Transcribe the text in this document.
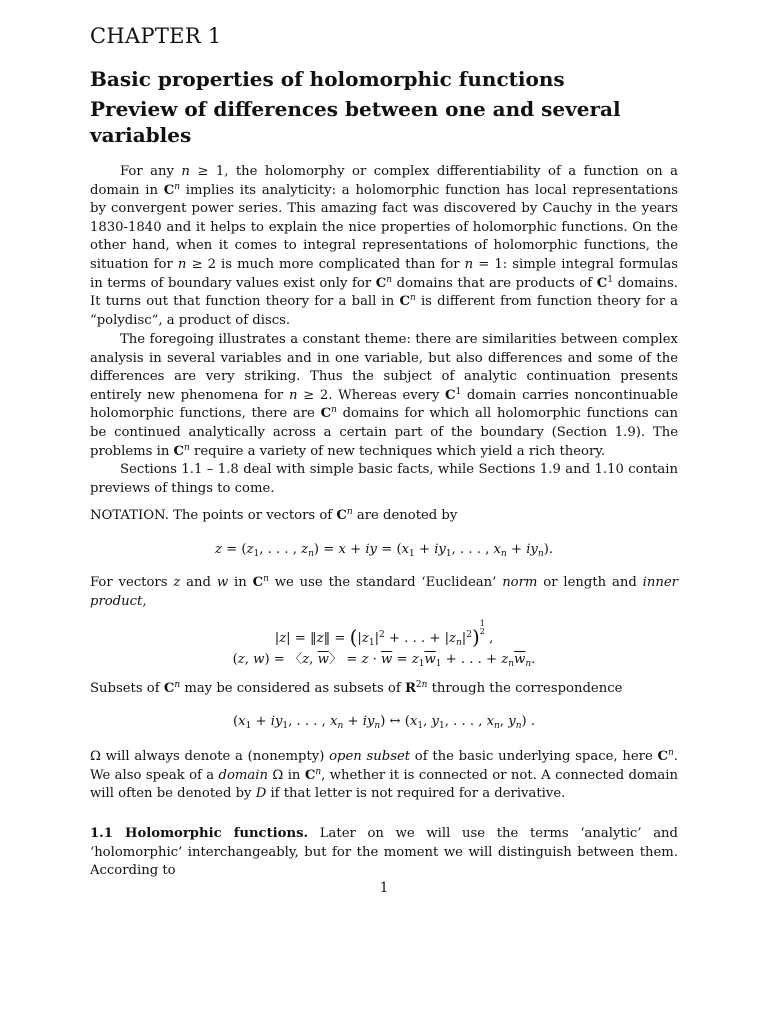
CHAPTER 1
Basic properties of holomorphic functions
Preview of differences between one and several
variables
For any n ≥ 1, the holomorphy or complex differentiability of a function on a domain in $C^n$ implies its analyticity: a holomorphic function has local representations by convergent power series. This amazing fact was discovered by Cauchy in the years 1830-1840 and it helps to explain the nice properties of holomorphic functions. On the other hand, when it comes to integral representations of holomorphic functions, the situation for n ≥ 2 is much more complicated than for n = 1: simple integral formulas in terms of boundary values exist only for $C^n$ domains that are products of $C^1$ domains. It turns out that function theory for a ball in $C^n$ is different from function theory for a “polydisc”, a product of discs.
The foregoing illustrates a constant theme: there are similarities between complex analysis in several variables and in one variable, but also differences and some of the differences are very striking. Thus the subject of analytic continuation presents entirely new phenomena for n ≥ 2. Whereas every $C^1$ domain carries noncontinuable holomorphic functions, there are $C^n$ domains for which all holomorphic functions can be continued analytically across a certain part of the boundary (Section 1.9). The problems in $C^n$ require a variety of new techniques which yield a rich theory.
Sections 1.1 – 1.8 deal with simple basic facts, while Sections 1.9 and 1.10 contain previews of things to come.
NOTATION. The points or vectors of $C^n$ are denoted by
$z = (z_1$, . . . , $z_n) = x$ + iy = ($x_1 + iy_1$, . . . , $x_n + iy_n$).
For vectors z and w in $C^n$ we use the standard ‘Euclidean’ norm or length and inner product,
|z| = ‖z‖ = ($|z_1|^2$ + . . . + $|z_n|^2$)
1
2 ,
(z, w) = 〈z, $\overline{w}$〉 = $z \cdot \overline{w} = z_1\overline{w}_1$ + . . . + $z_n\overline{w}_n$.
Subsets of $C^n$ may be considered as subsets of $R^{2n}$ through the correspondence
($x_1 + iy_1$, . . . , $x_n + iy_n$) ↔ ($x_1$, $y_1$, . . . , $x_n$, $y_n$) .
Ω will always denote a (nonempty) open subset of the basic underlying space, here $C^n$. We also speak of a domain Ω in $C^n$, whether it is connected or not. A connected domain will often be denoted by D if that letter is not required for a derivative.
1.1 Holomorphic functions. Later on we will use the terms ‘analytic’ and ‘holomorphic’ interchangeably, but for the moment we will distinguish between them. According to
1
